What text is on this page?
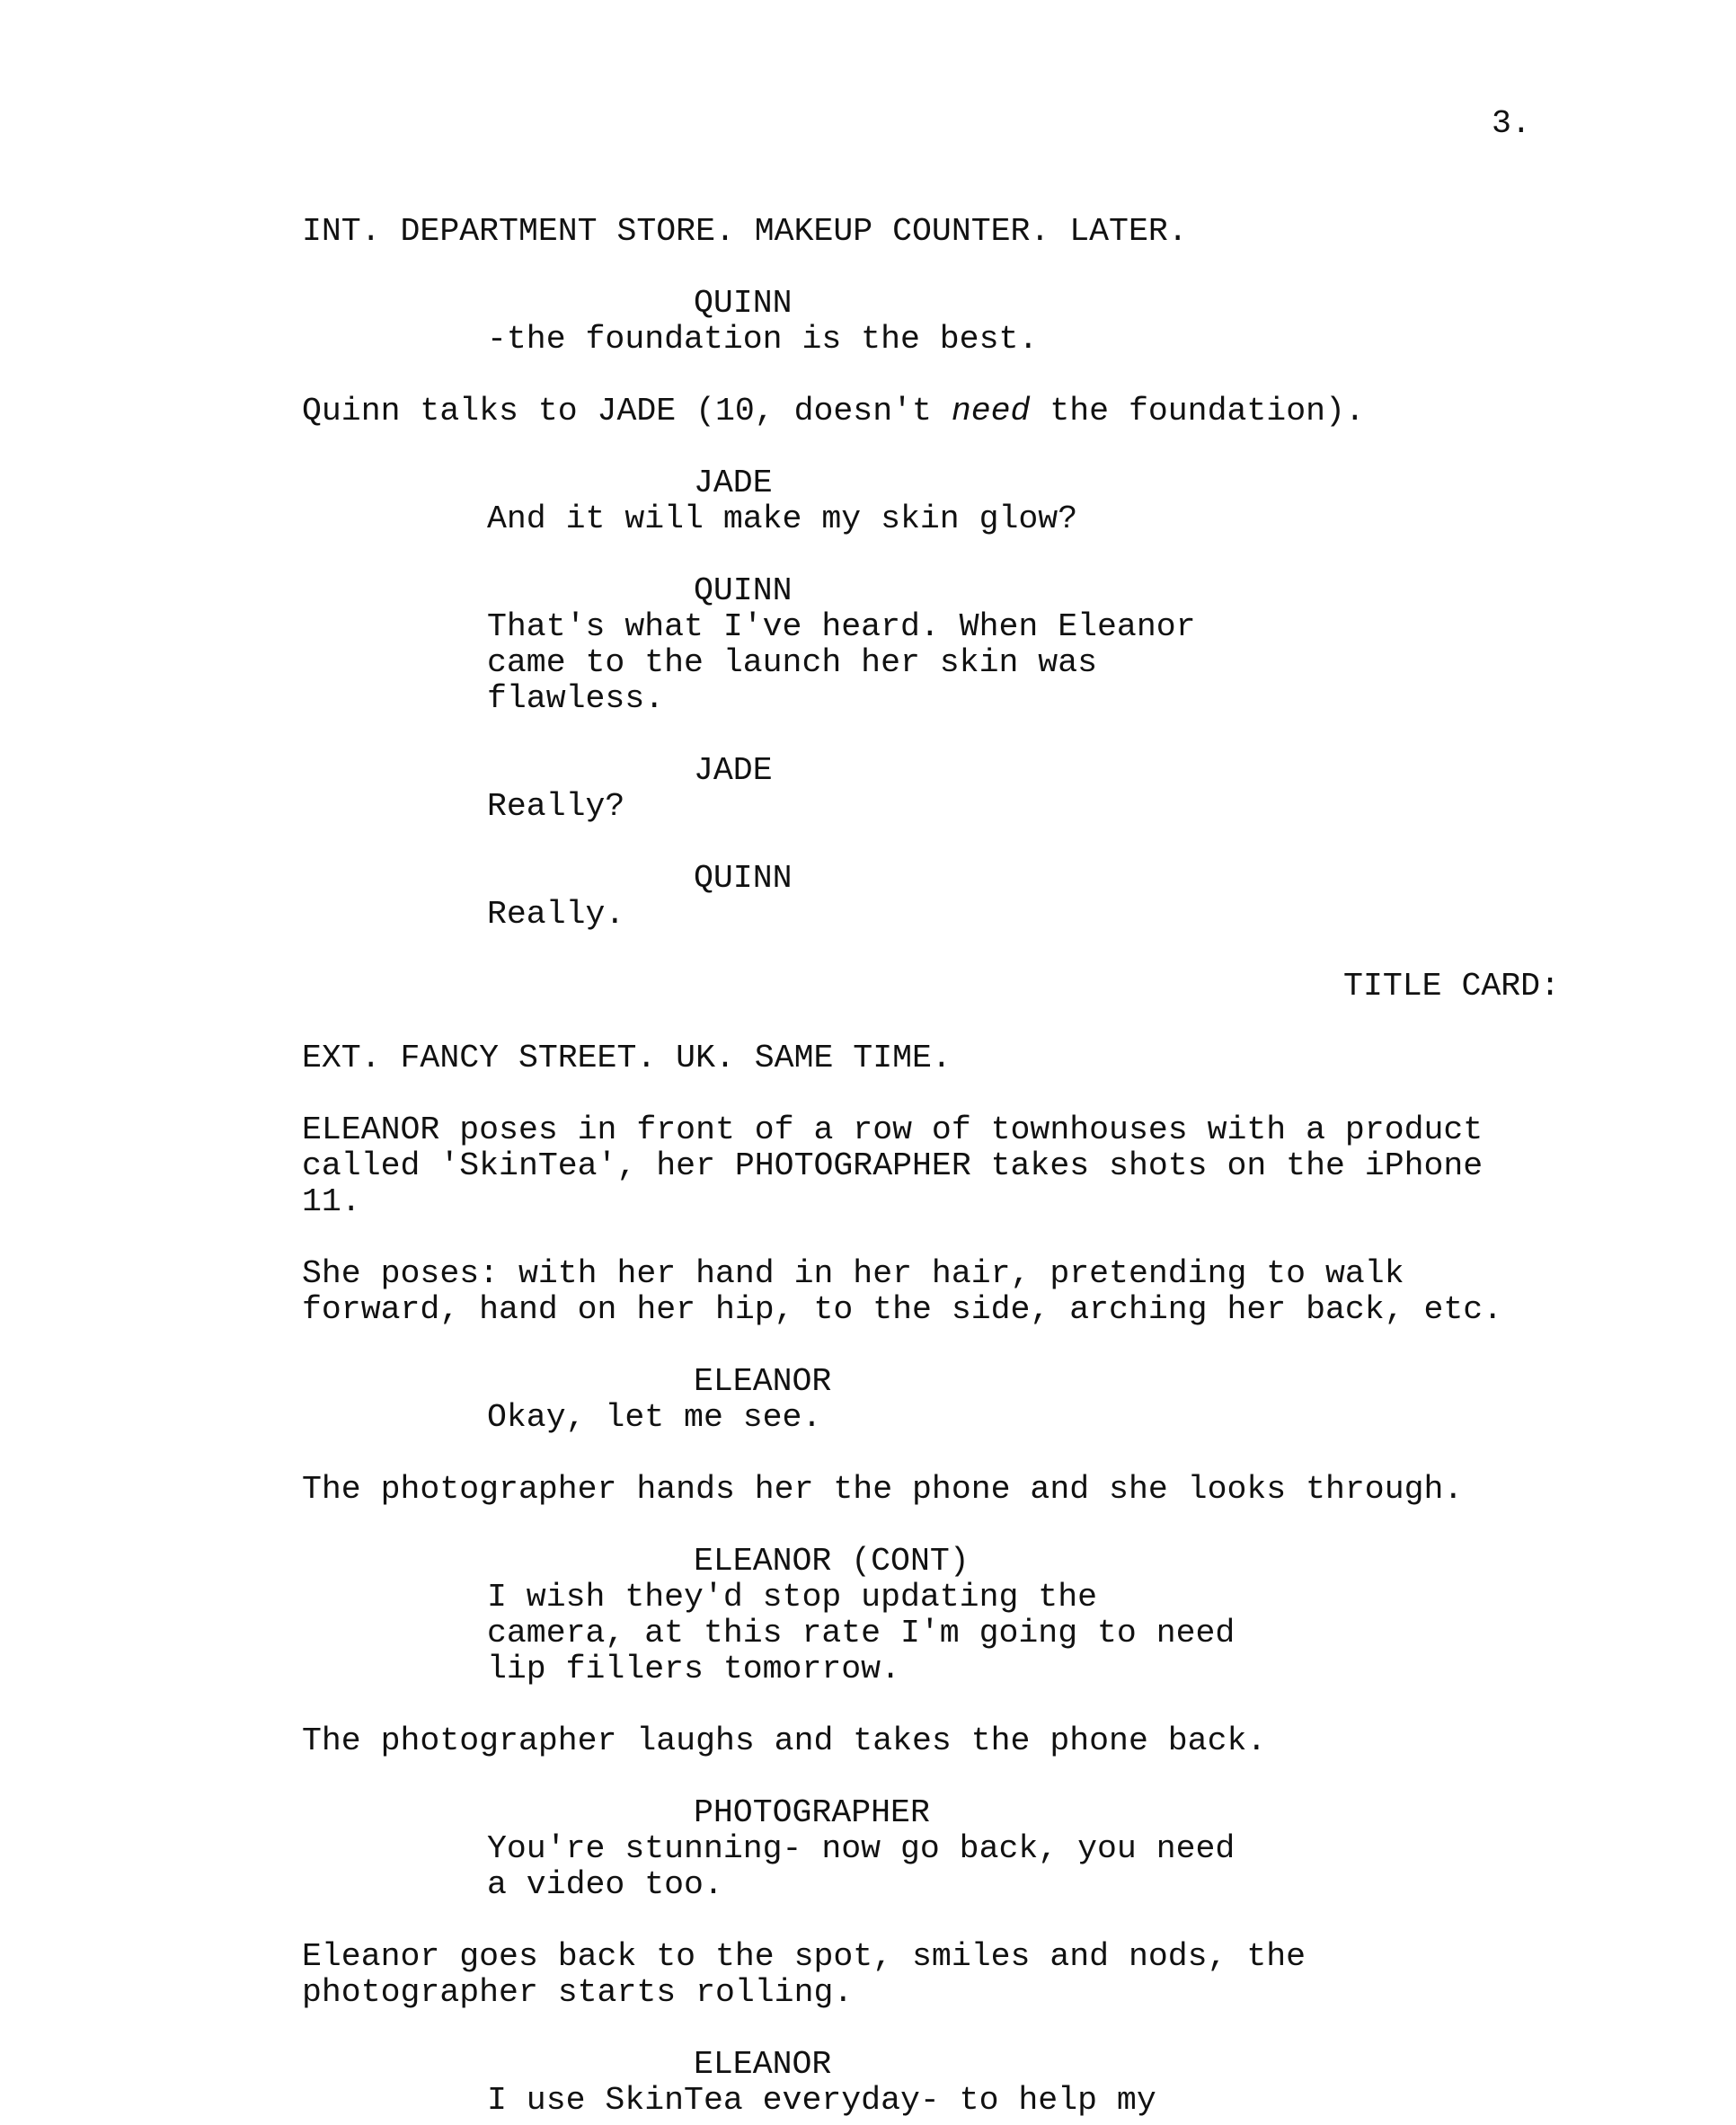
3.
INT. DEPARTMENT STORE. MAKEUP COUNTER. LATER.
QUINN
-the foundation is the best.
Quinn talks to JADE (10, doesn't need the foundation).
JADE
And it will make my skin glow?
QUINN
That's what I've heard. When Eleanor
came to the launch her skin was
flawless.
JADE
Really?
QUINN
Really.
TITLE CARD:
EXT. FANCY STREET. UK. SAME TIME.
ELEANOR poses in front of a row of townhouses with a product
called 'SkinTea', her PHOTOGRAPHER takes shots on the iPhone
11.
She poses: with her hand in her hair, pretending to walk
forward, hand on her hip, to the side, arching her back, etc.
ELEANOR
Okay, let me see.
The photographer hands her the phone and she looks through.
ELEANOR (CONT)
I wish they'd stop updating the
camera, at this rate I'm going to need
lip fillers tomorrow.
The photographer laughs and takes the phone back.
PHOTOGRAPHER
You're stunning- now go back, you need
a video too.
Eleanor goes back to the spot, smiles and nods, the
photographer starts rolling.
ELEANOR
I use SkinTea everyday- to help my
